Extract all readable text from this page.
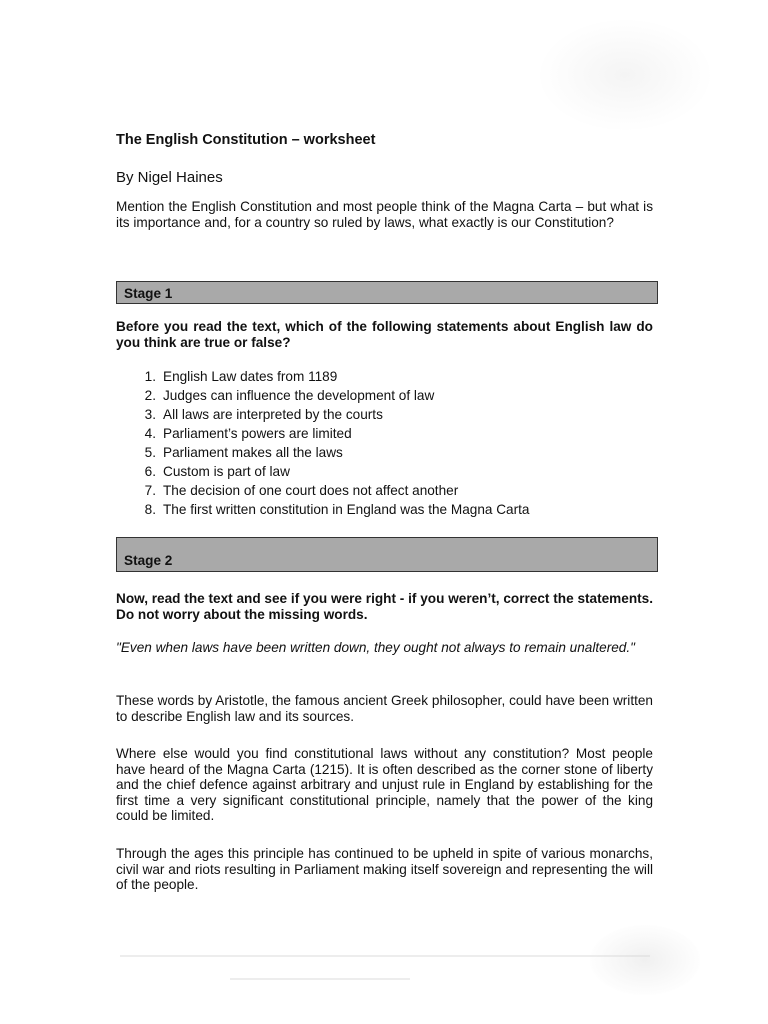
The English Constitution – worksheet
By Nigel Haines
Mention the English Constitution and most people think of the Magna Carta – but what is its importance and, for a country so ruled by laws, what exactly is our Constitution?
Stage 1
Before you read the text, which of the following statements about English law do you think are true or false?
1. English Law dates from 1189
2. Judges can influence the development of law
3. All laws are interpreted by the courts
4. Parliament’s powers are limited
5. Parliament makes all the laws
6. Custom is part of law
7. The decision of one court does not affect another
8. The first written constitution in England was the Magna Carta
Stage 2
Now, read the text and see if you were right - if you weren’t, correct the statements. Do not worry about the missing words.
"Even when laws have been written down, they ought not always to remain unaltered."
These words by Aristotle, the famous ancient Greek philosopher, could have been written to describe English law and its sources.
Where else would you find constitutional laws without any constitution? Most people have heard of the Magna Carta (1215). It is often described as the corner stone of liberty and the chief defence against arbitrary and unjust rule in England by establishing for the first time a very significant constitutional principle, namely that the power of the king could be limited.
Through the ages this principle has continued to be upheld in spite of various monarchs, civil war and riots resulting in Parliament making itself sovereign and representing the will of the people.
